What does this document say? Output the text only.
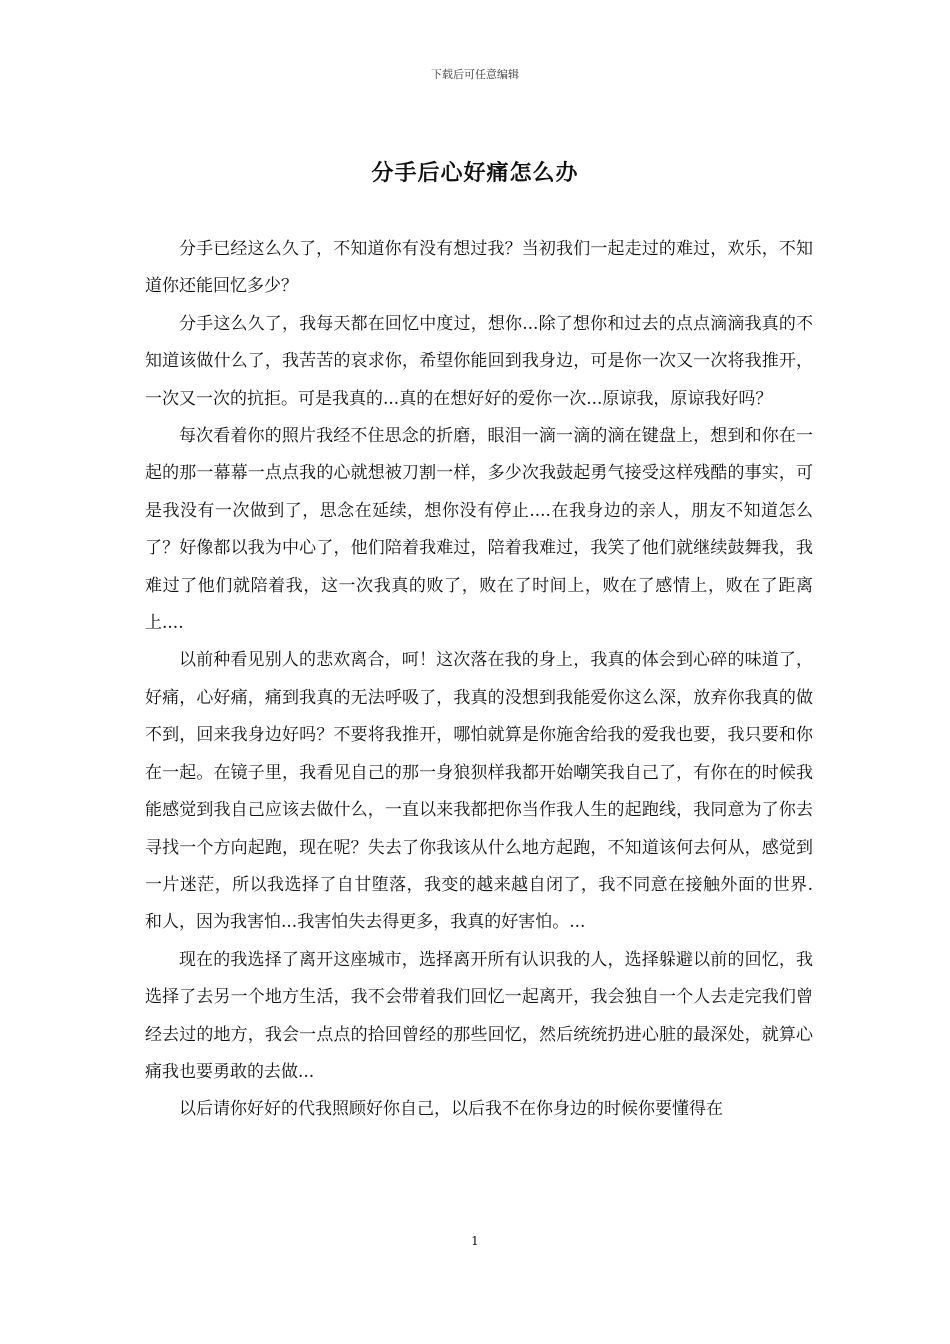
下载后可任意编辑
分手后心好痛怎么办

分手已经这么久了，不知道你有没有想过我？当初我们一起走过的难过，欢乐，不知道你还能回忆多少？

分手这么久了，我每天都在回忆中度过，想你...除了想你和过去的点点滴滴我真的不知道该做什么了，我苦苦的哀求你，希望你能回到我身边，可是你一次又一次将我推开，一次又一次的抗拒。可是我真的...真的在想好好的爱你一次...原谅我，原谅我好吗？

每次看着你的照片我经不住思念的折磨，眼泪一滴一滴的滴在键盘上，想到和你在一起的那一幕幕一点点我的心就想被刀割一样，多少次我鼓起勇气接受这样残酷的事实，可是我没有一次做到了，思念在延续，想你没有停止....在我身边的亲人，朋友不知道怎么了？好像都以我为中心了，他们陪着我难过，陪着我难过，我笑了他们就继续鼓舞我，我难过了他们就陪着我，这一次我真的败了，败在了时间上，败在了感情上，败在了距离上....

以前种看见别人的悲欢离合，呵！这次落在我的身上，我真的体会到心碎的味道了，好痛，心好痛，痛到我真的无法呼吸了，我真的没想到我能爱你这么深，放弃你我真的做不到，回来我身边好吗？不要将我推开，哪怕就算是你施舍给我的爱我也要，我只要和你在一起。在镜子里，我看见自己的那一身狼狈样我都开始嘲笑我自己了，有你在的时候我能感觉到我自己应该去做什么，一直以来我都把你当作我人生的起跑线，我同意为了你去寻找一个方向起跑，现在呢？失去了你我该从什么地方起跑，不知道该何去何从，感觉到一片迷茫，所以我选择了自甘堕落，我变的越来越自闭了，我不同意在接触外面的世界.和人，因为我害怕...我害怕失去得更多，我真的好害怕。...

现在的我选择了离开这座城市，选择离开所有认识我的人，选择躲避以前的回忆，我选择了去另一个地方生活，我不会带着我们回忆一起离开，我会独自一个人去走完我们曾经去过的地方，我会一点点的拾回曾经的那些回忆，然后统统扔进心脏的最深处，就算心痛我也要勇敢的去做...

以后请你好好的代我照顾好你自己，以后我不在你身边的时候你要懂得在

1
